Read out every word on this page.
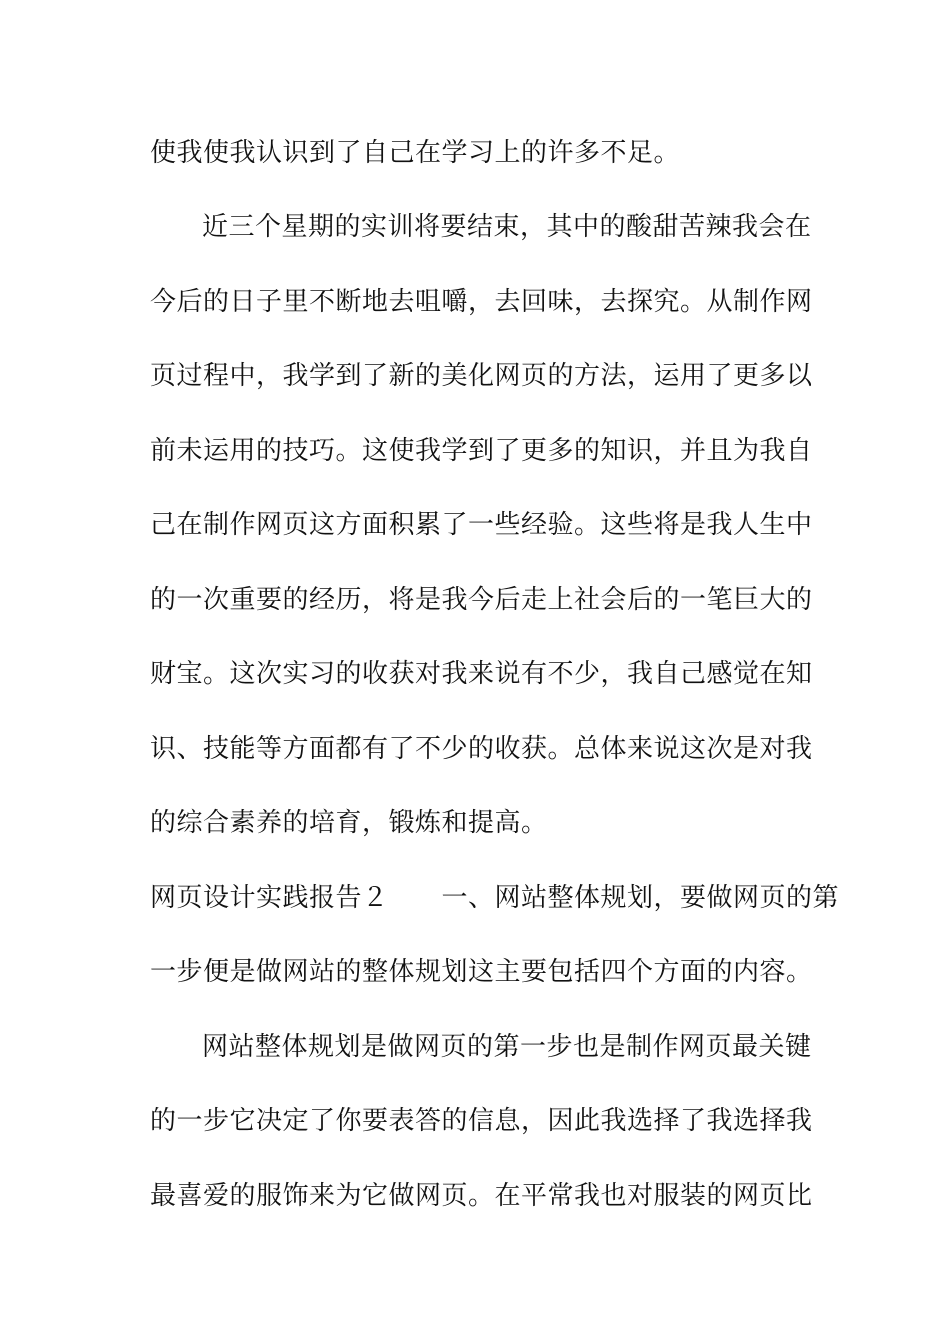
使我使我认识到了自己在学习上的许多不足。
近三个星期的实训将要结束，其中的酸甜苦辣我会在
今后的日子里不断地去咀嚼，去回味，去探究。从制作网
页过程中，我学到了新的美化网页的方法，运用了更多以
前未运用的技巧。这使我学到了更多的知识，并且为我自
己在制作网页这方面积累了一些经验。这些将是我人生中
的一次重要的经历，将是我今后走上社会后的一笔巨大的
财宝。这次实习的收获对我来说有不少，我自己感觉在知
识、技能等方面都有了不少的收获。总体来说这次是对我
的综合素养的培育，锻炼和提高。
网页设计实践报告２　　一、网站整体规划，要做网页的第
一步便是做网站的整体规划这主要包括四个方面的内容。
网站整体规划是做网页的第一步也是制作网页最关键
的一步它决定了你要表答的信息，因此我选择了我选择我
最喜爱的服饰来为它做网页。在平常我也对服装的网页比
